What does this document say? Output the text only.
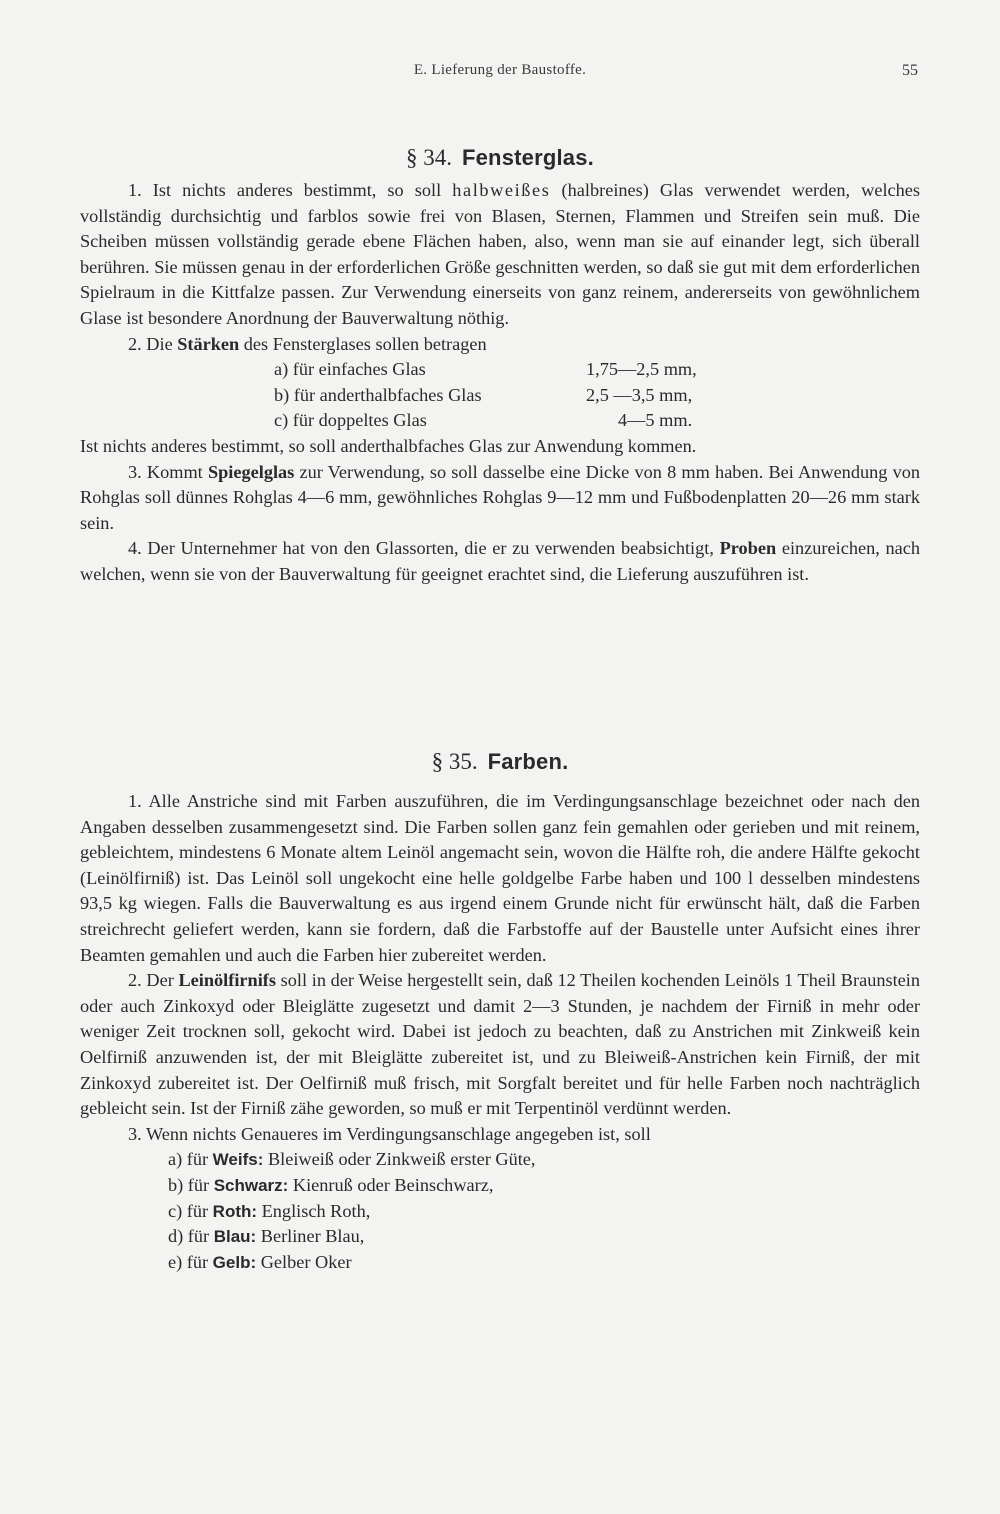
E. Lieferung der Baustoffe.	55
§ 34. Fensterglas.

1. Ist nichts anderes bestimmt, so soll halbweißes (halbreines) Glas verwendet werden, welches vollständig durchsichtig und farblos sowie frei von Blasen, Sternen, Flammen und Streifen sein muß. Die Scheiben müssen vollständig gerade ebene Flächen haben, also, wenn man sie auf einander legt, sich überall berühren. Sie müssen genau in der erforderlichen Größe geschnitten werden, so daß sie gut mit dem erforderlichen Spielraum in die Kittfalze passen. Zur Verwendung einerseits von ganz reinem, andererseits von gewöhnlichem Glase ist besondere Anordnung der Bauverwaltung nöthig.

2. Die Stärken des Fensterglases sollen betragen

a) für einfaches Glas	1,75—2,5 mm,
b) für anderthalbfaches Glas	2,5 —3,5 mm,
c) für doppeltes Glas	4—5 mm.

Ist nichts anderes bestimmt, so soll anderthalbfaches Glas zur Anwendung kommen.

3. Kommt Spiegelglas zur Verwendung, so soll dasselbe eine Dicke von 8 mm haben. Bei Anwendung von Rohglas soll dünnes Rohglas 4—6 mm, gewöhnliches Rohglas 9—12 mm und Fußbodenplatten 20—26 mm stark sein.

4. Der Unternehmer hat von den Glassorten, die er zu verwenden beabsichtigt, Proben einzureichen, nach welchen, wenn sie von der Bauverwaltung für geeignet erachtet sind, die Lieferung auszuführen ist.

§ 35. Farben.

1. Alle Anstriche sind mit Farben auszuführen, die im Verdingungsanschlage bezeichnet oder nach den Angaben desselben zusammengesetzt sind. Die Farben sollen ganz fein gemahlen oder gerieben und mit reinem, gebleichtem, mindestens 6 Monate altem Leinöl angemacht sein, wovon die Hälfte roh, die andere Hälfte gekocht (Leinölfirniß) ist. Das Leinöl soll ungekocht eine helle goldgelbe Farbe haben und 100 l desselben mindestens 93,5 kg wiegen. Falls die Bauverwaltung es aus irgend einem Grunde nicht für erwünscht hält, daß die Farben streichrecht geliefert werden, kann sie fordern, daß die Farbstoffe auf der Baustelle unter Aufsicht eines ihrer Beamten gemahlen und auch die Farben hier zubereitet werden.

2. Der Leinölfirnifs soll in der Weise hergestellt sein, daß 12 Theilen kochenden Leinöls 1 Theil Braunstein oder auch Zinkoxyd oder Bleiglätte zugesetzt und damit 2—3 Stunden, je nachdem der Firniß in mehr oder weniger Zeit trocknen soll, gekocht wird. Dabei ist jedoch zu beachten, daß zu Anstrichen mit Zinkweiß kein Oelfirniß anzuwenden ist, der mit Bleiglätte zubereitet ist, und zu Bleiweiß-Anstrichen kein Firniß, der mit Zinkoxyd zubereitet ist. Der Oelfirniß muß frisch, mit Sorgfalt bereitet und für helle Farben noch nachträglich gebleicht sein. Ist der Firniß zähe geworden, so muß er mit Terpentinöl verdünnt werden.

3. Wenn nichts Genaueres im Verdingungsanschlage angegeben ist, soll

a) für Weifs: Bleiweiß oder Zinkweiß erster Güte,
b) für Schwarz: Kienruß oder Beinschwarz,
c) für Roth: Englisch Roth,
d) für Blau: Berliner Blau,
e) für Gelb: Gelber Oker
